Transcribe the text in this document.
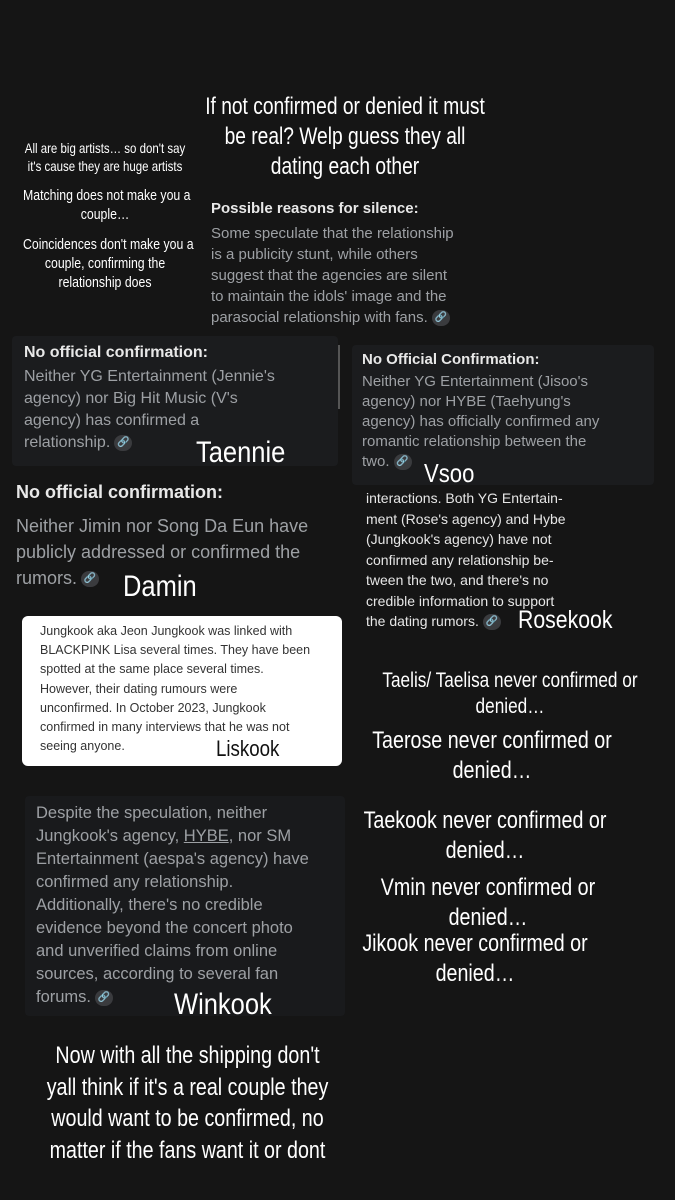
If not confirmed or denied it must
be real? Welp guess they all
dating each other
All are big artists… so don't say
it's cause they are huge artists
Matching does not make you a
couple…
Coincidences don't make you a
couple, confirming the
relationship does
Possible reasons for silence:
Some speculate that the relationship
is a publicity stunt, while others
suggest that the agencies are silent
to maintain the idols' image and the
parasocial relationship with fans. 🔗
No official confirmation:
Neither YG Entertainment (Jennie's
agency) nor Big Hit Music (V's
agency) has confirmed a
relationship. 🔗	Taennie
No Official Confirmation:
Neither YG Entertainment (Jisoo's
agency) nor HYBE (Taehyung's
agency) has officially confirmed any
romantic relationship between the
two. 🔗 Vsoo
No official confirmation:
Neither Jimin nor Song Da Eun have
publicly addressed or confirmed the
rumors. 🔗 Damin
interactions. Both YG Entertain-
ment (Rose's agency) and Hybe
(Jungkook's agency) have not
confirmed any relationship be-
tween the two, and there's no
credible information to support
the dating rumors. 🔗 Rosekook
Jungkook aka Jeon Jungkook was linked with
BLACKPINK Lisa several times. They have been
spotted at the same place several times.
However, their dating rumours were
unconfirmed. In October 2023, Jungkook
confirmed in many interviews that he was not
seeing anyone.	Liskook
Taelis/ Taelisa never confirmed or
denied…
Taerose never confirmed or
denied…
Taekook never confirmed or
denied…
Vmin never confirmed or
denied…
Jikook never confirmed or
denied…
Despite the speculation, neither
Jungkook's agency, HYBE, nor SM
Entertainment (aespa's agency) have
confirmed any relationship.
Additionally, there's no credible
evidence beyond the concert photo
and unverified claims from online
sources, according to several fan
forums. 🔗	Winkook
Now with all the shipping don't
yall think if it's a real couple they
would want to be confirmed, no
matter if the fans want it or dont
